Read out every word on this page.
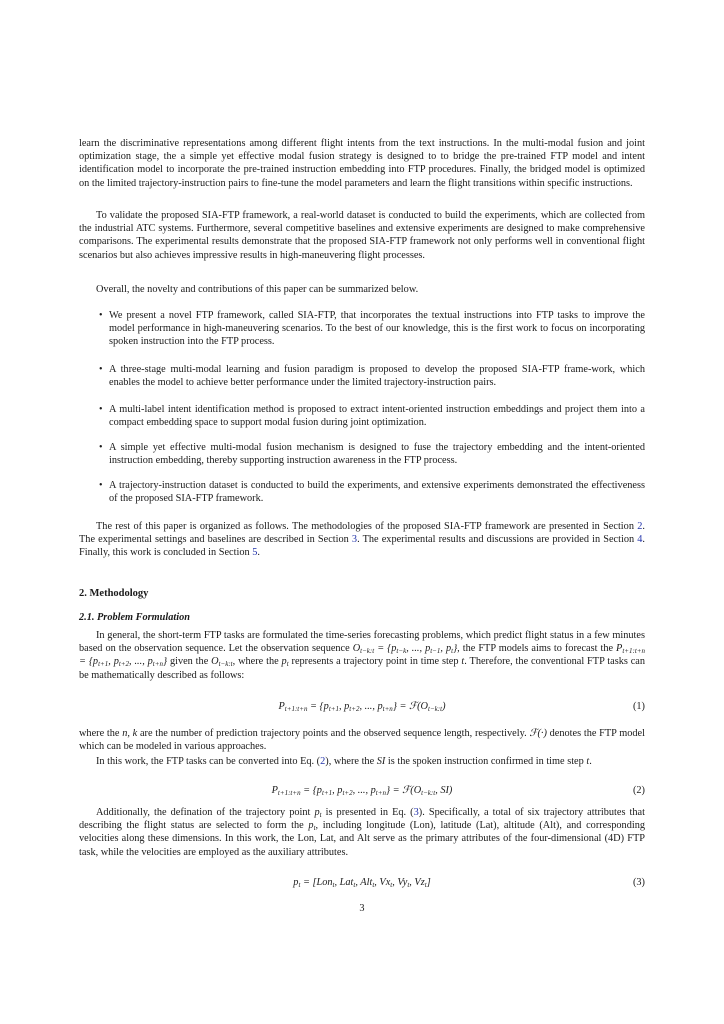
learn the discriminative representations among different flight intents from the text instructions. In the multi-modal fusion and joint optimization stage, the a simple yet effective modal fusion strategy is designed to to bridge the pre-trained FTP model and intent identification model to incorporate the pre-trained instruction embedding into FTP procedures. Finally, the bridged model is optimized on the limited trajectory-instruction pairs to fine-tune the model parameters and learn the flight transitions within specific instructions.

To validate the proposed SIA-FTP framework, a real-world dataset is conducted to build the experiments, which are collected from the industrial ATC systems. Furthermore, several competitive baselines and extensive experiments are designed to make comprehensive comparisons. The experimental results demonstrate that the proposed SIA-FTP framework not only performs well in conventional flight scenarios but also achieves impressive results in high-maneuvering flight processes.

Overall, the novelty and contributions of this paper can be summarized below.

• We present a novel FTP framework, called SIA-FTP, that incorporates the textual instructions into FTP tasks to improve the model performance in high-maneuvering scenarios. To the best of our knowledge, this is the first work to focus on incorporating spoken instruction into the FTP process.
• A three-stage multi-modal learning and fusion paradigm is proposed to develop the proposed SIA-FTP frame-work, which enables the model to achieve better performance under the limited trajectory-instruction pairs.
• A multi-label intent identification method is proposed to extract intent-oriented instruction embeddings and project them into a compact embedding space to support modal fusion during joint optimization.
• A simple yet effective multi-modal fusion mechanism is designed to fuse the trajectory embedding and the intent-oriented instruction embedding, thereby supporting instruction awareness in the FTP process.
• A trajectory-instruction dataset is conducted to build the experiments, and extensive experiments demonstrated the effectiveness of the proposed SIA-FTP framework.

The rest of this paper is organized as follows. The methodologies of the proposed SIA-FTP framework are presented in Section 2. The experimental settings and baselines are described in Section 3. The experimental results and discussions are provided in Section 4. Finally, this work is concluded in Section 5.

2. Methodology
2.1. Problem Formulation

In general, the short-term FTP tasks are formulated the time-series forecasting problems, which predict flight status in a few minutes based on the observation sequence. Let the observation sequence $O_{t-k:t} = \{p_{t-k}$, ..., $p_{t-1}$, $p_t$}, the FTP models aims to forecast the $P_{t+1:t+n} = \{p_{t+1}$, $p_{t+2}$, ..., $p_{t+n}$} given the $O_{t-k:t}$, where the $p_t$ represents a trajectory point in time step t. Therefore, the conventional FTP tasks can be mathematically described as follows:

$P_{t+1:t+n} = \{p_{t+1}$, $p_{t+2}$, ..., $p_{t+n}$} = $ℱ(O_{t-k:t})$	(1)

where the n, k are the number of prediction trajectory points and the observed sequence length, respectively. ℱ(·) denotes the FTP model which can be modeled in various approaches.

In this work, the FTP tasks can be converted into Eq. (2), where the SI is the spoken instruction confirmed in time step t.

$P_{t+1:t+n} = \{p_{t+1}$, $p_{t+2}$, ..., $p_{t+n}$} = $ℱ(O_{t-k:t}$, SI)	(2)

Additionally, the defination of the trajectory point $p_t$ is presented in Eq. (3). Specifically, a total of six trajectory attributes that describing the flight status are selected to form the $p_t$, including longitude (Lon), latitude (Lat), altitude (Alt), and corresponding velocities along these dimensions. In this work, the Lon, Lat, and Alt serve as the primary attributes of the four-dimensional (4D) FTP task, while the velocities are employed as the auxiliary attributes.

$p_t = [Lon_t$, Lat$_t$, Alt$_t$, $Vx_t$, $Vy_t$, $Vz_t$]	(3)

3
